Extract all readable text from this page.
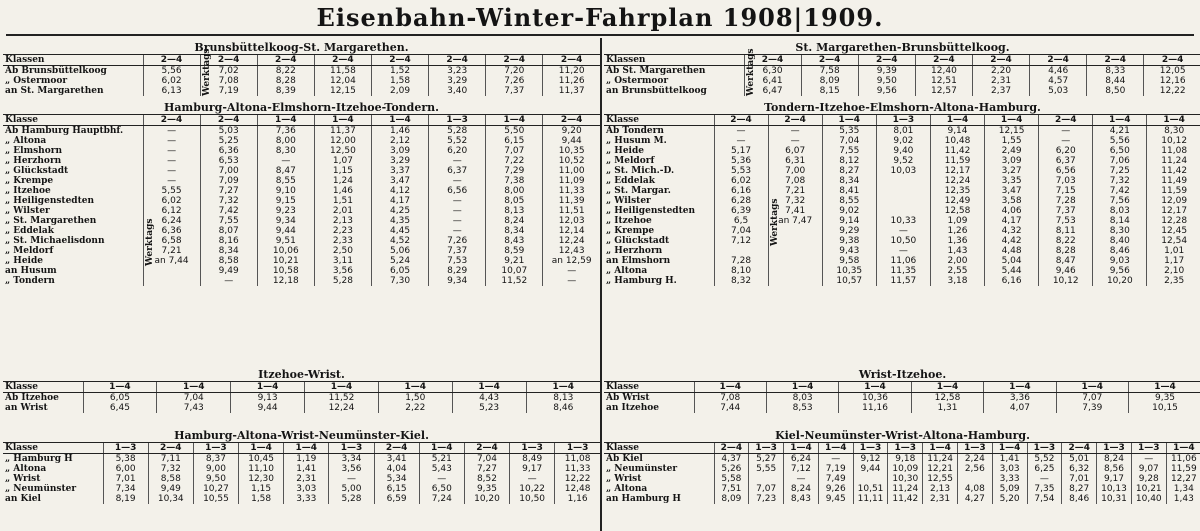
Eisenbahn-Winter-Fahrplan 1908|1909.
Brunsbüttelkoog-St. Margarethen.
Klassen	2—4	2—4	2—4	2—4	2—4	2—4	2—4	2—4
Ab Brunsbüttelkoog	5,56	7,02	8,22	11,58	1,52	3,23	7,20	11,20
„ Ostermoor	6,02	7,08	8,28	12,04	1,58	3,29	7,26	11,26
an St. Margarethen	6,13	7,19	8,39	12,15	2,09	3,40	7,37	11,37
Werktags
Hamburg-Altona-Elmshorn-Itzehoe-Tondern.
Klasse	2—4	2—4	1—4	1—4	1—4	1—3	1—4	2—4
Ab Hamburg Hauptbhf.	—	5,03	7,36	11,37	1,46	5,28	5,50	9,20
„ Altona	—	5,25	8,00	12,00	2,12	5,52	6,15	9,44
„ Elmshorn	—	6,36	8,30	12,50	3,09	6,20	7,07	10,35
„ Herzhorn	—	6,53	—	1,07	3,29	—	7,22	10,52
„ Glückstadt	—	7,00	8,47	1,15	3,37	6,37	7,29	11,00
„ Krempe	—	7,09	8,55	1,24	3,47	—	7,38	11,09
„ Itzehoe	5,55	7,27	9,10	1,46	4,12	6,56	8,00	11,33
„ Heiligenstedten	6,02	7,32	9,15	1,51	4,17	—	8,05	11,39
„ Wilster	6,12	7,42	9,23	2,01	4,25	—	8,13	11,51
„ St. Margarethen	6,24	7,55	9,34	2,13	4,35	—	8,24	12,03
„ Eddelak	6,36	8,07	9,44	2,23	4,45	—	8,34	12,14
„ St. Michaelisdonn	6,58	8,16	9,51	2,33	4,52	7,26	8,43	12,24
„ Meldorf	7,21	8,34	10,06	2,50	5,06	7,37	8,59	12,43
„ Heide	an 7,44	8,58	10,21	3,11	5,24	7,53	9,21	an 12,59
an Husum		9,49	10,58	3,56	6,05	8,29	10,07	—
„ Tondern		—	12,18	5,28	7,30	9,34	11,52	—
Werktags
Itzehoe-Wrist.
Klasse	1—4	1—4	1—4	1—4	1—4	1—4	1—4
Ab Itzehoe	6,05	7,04	9,13	11,52	1,50	4,43	8,13
an Wrist	6,45	7,43	9,44	12,24	2,22	5,23	8,46
Hamburg-Altona-Wrist-Neumünster-Kiel.
Klasse	1—3	2—4	1—3	1—4	1—4	1—3	2—4	1—4	2—4	1—3	1—3
„ Hamburg H	5,38	7,11	8,37	10,45	1,19	3,34	3,41	5,21	7,04	8,49	11,08
„ Altona	6,00	7,32	9,00	11,10	1,41	3,56	4,04	5,43	7,27	9,17	11,33
„ Wrist	7,01	8,58	9,50	12,30	2,31	—	5,34	—	8,52	—	12,22
„ Neumünster	7,34	9,49	10,27	1,15	3,03	5,00	6,15	6,50	9,35	10,22	12,48
an Kiel	8,19	10,34	10,55	1,58	3,33	5,28	6,59	7,24	10,20	10,50	1,16
St. Margarethen-Brunsbüttelkoog.
Klassen	2—4	2—4	2—4	2—4	2—4	2—4	2—4	2—4
Ab St. Margarethen	6,30	7,58	9,39	12,40	2,20	4,46	8,33	12,05
„ Ostermoor	6,41	8,09	9,50	12,51	2,31	4,57	8,44	12,16
an Brunsbüttelkoog	6,47	8,15	9,56	12,57	2,37	5,03	8,50	12,22
Werktags
Tondern-Itzehoe-Elmshorn-Altona-Hamburg.
Klasse	2—4	2—4	1—4	1—3	1—4	1—4	2—4	1—4	1—4
Ab Tondern	—	—	5,35	8,01	9,14	12,15	—	4,21	8,30
„ Husum M.	—	—	7,04	9,02	10,48	1,55	—	5,56	10,12
„ Heide	5,17	6,07	7,55	9,40	11,42	2,49	6,20	6,50	11,08
„ Meldorf	5,36	6,31	8,12	9,52	11,59	3,09	6,37	7,06	11,24
„ St. Mich.-D.	5,53	7,00	8,27	10,03	12,17	3,27	6,56	7,25	11,42
„ Eddelak	6,02	7,08	8,34		12,24	3,35	7,03	7,32	11,49
„ St. Margar.	6,16	7,21	8,41		12,35	3,47	7,15	7,42	11,59
„ Wilster	6,28	7,32	8,55		12,49	3,58	7,28	7,56	12,09
„ Heiligenstedten	6,39	7,41	9,02		12,58	4,06	7,37	8,03	12,17
„ Itzehoe	6,5	an 7,47	9,14	10,33	1,09	4,17	7,53	8,14	12,28
„ Krempe	7,04		9,29	—	1,26	4,32	8,11	8,30	12,45
„ Glückstadt	7,12		9,38	10,50	1,36	4,42	8,22	8,40	12,54
„ Herzhorn			9,43	—	1,43	4,48	8,28	8,46	1,01
an Elmshorn	7,28		9,58	11,06	2,00	5,04	8,47	9,03	1,17
„ Altona	8,10		10,35	11,35	2,55	5,44	9,46	9,56	2,10
„ Hamburg H.	8,32		10,57	11,57	3,18	6,16	10,12	10,20	2,35
Werktags
Wrist-Itzehoe.
Klasse	1—4	1—4	1—4	1—4	1—4	1—4	1—4
Ab Wrist	7,08	8,03	10,36	12,58	3,36	7,07	9,35
an Itzehoe	7,44	8,53	11,16	1,31	4,07	7,39	10,15
Kiel-Neumünster-Wrist-Altona-Hamburg.
Klasse	2—4	1—3	1—4	1—4	1—3	1—3	1—4	1—3	1—4	1—3	2—4	1—3	1—3	1—4
Ab Kiel	4,37	5,27	6,24	—	9,12	9,18	11,24	2,24	1,41	5,52	5,01	8,24	—	11,06
„ Neumünster	5,26	5,55	7,12	7,19	9,44	10,09	12,21	2,56	3,03	6,25	6,32	8,56	9,07	11,59
„ Wrist	5,58		—	7,49		10,30	12,55		3,33	—	7,01	9,17	9,28	12,27
„ Altona	7,51	7,07	8,24	9,26	10,51	11,24	2,13	4,08	5,09	7,35	8,27	10,13	10,21	1,34
an Hamburg H	8,09	7,23	8,43	9,45	11,11	11,42	2,31	4,27	5,20	7,54	8,46	10,31	10,40	1,43
